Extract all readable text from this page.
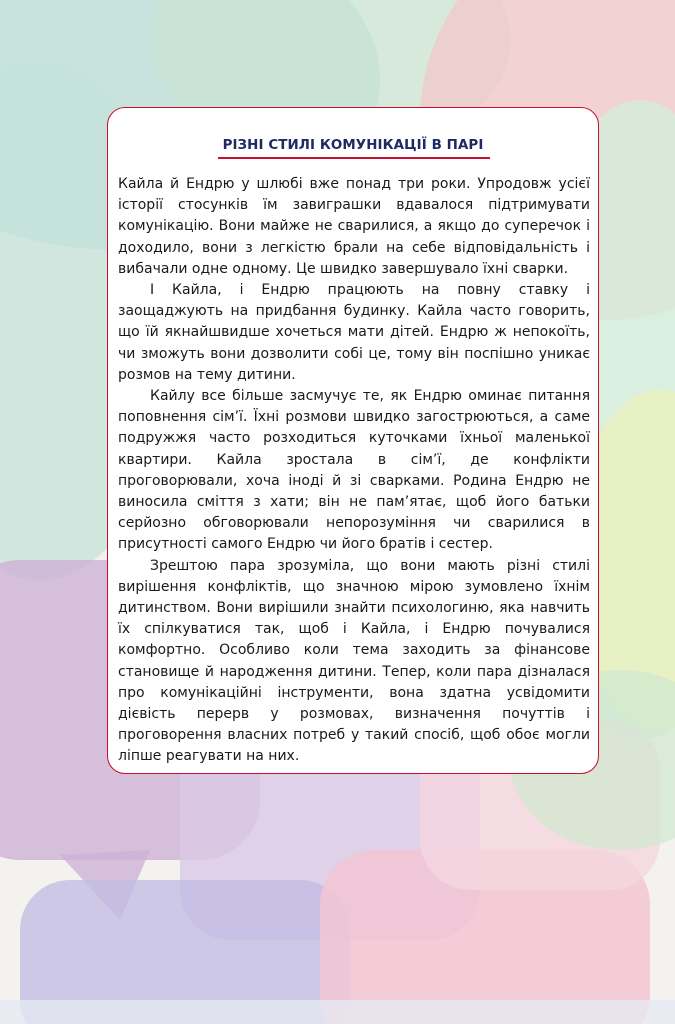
РІЗНІ СТИЛІ КОМУНІКАЦІЇ В ПАРІ

Кайла й Ендрю у шлюбі вже понад три роки. Упродовж усієї історії стосунків їм завиграшки вдавалося підтримувати комунікацію. Вони майже не сварилися, а якщо до суперечок і доходило, вони з легкістю брали на себе відповідальність і вибачали одне одному. Це швидко завершувало їхні сварки.

І Кайла, і Ендрю працюють на повну ставку і заощаджують на придбання будинку. Кайла часто говорить, що їй якнайшвидше хочеться мати дітей. Ендрю ж непокоїть, чи зможуть вони дозволити собі це, тому він поспішно уникає розмов на тему дитини.

Кайлу все більше засмучує те, як Ендрю оминає питання поповнення сім’ї. Їхні розмови швидко загострюються, а саме подружжя часто розходиться куточками їхньої маленької квартири. Кайла зростала в сім’ї, де конфлікти проговорювали, хоча іноді й зі сварками. Родина Ендрю не виносила сміття з хати; він не пам’ятає, щоб його батьки серйозно обговорювали непорозуміння чи сварилися в присутності самого Ендрю чи його братів і сестер.

Зрештою пара зрозуміла, що вони мають різні стилі вирішення конфліктів, що значною мірою зумовлено їхнім дитинством. Вони вирішили знайти психологиню, яка навчить їх спілкуватися так, щоб і Кайла, і Ендрю почувалися комфортно. Особливо коли тема заходить за фінансове становище й народження дитини. Тепер, коли пара дізналася про комунікаційні інструменти, вона здатна усвідомити дієвість перерв у розмовах, визначення почуттів і проговорення власних потреб у такий спосіб, щоб обоє могли ліпше реагувати на них.
